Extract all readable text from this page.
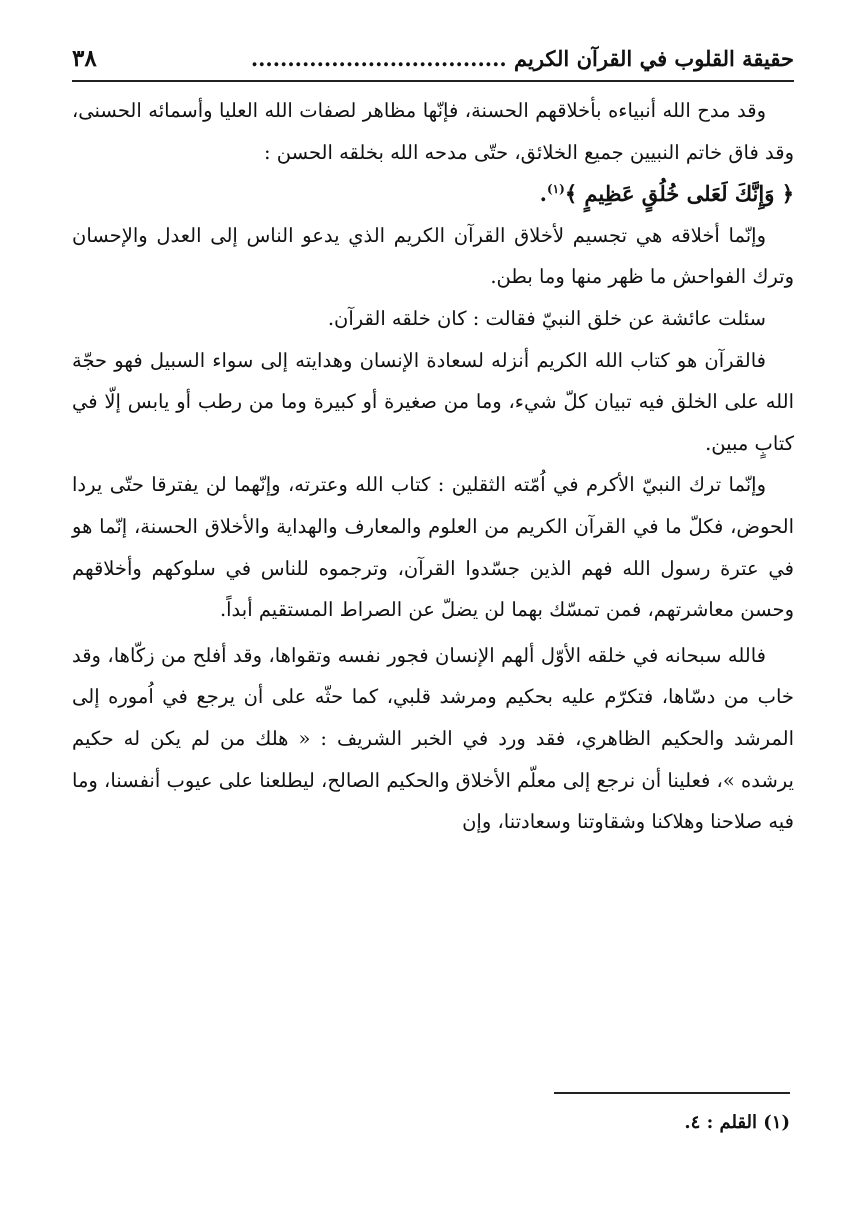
حقيقة القلوب في القرآن الكريم ...................................
٣٨

وقد مدح الله أنبياءه بأخلاقهم الحسنة، فإنّها مظاهر لصفات الله العليا وأسمائه الحسنى، وقد فاق خاتم النبيين جميع الخلائق، حتّى مدحه الله بخلقه الحسن :

﴿ وَإِنَّكَ لَعَلى خُلُقٍ عَظِيمٍ ﴾$^{(١)}$.

وإنّما أخلاقه هي تجسيم لأخلاق القرآن الكريم الذي يدعو الناس إلى العدل والإحسان وترك الفواحش ما ظهر منها وما بطن.

سئلت عائشة عن خلق النبيّ فقالت : كان خلقه القرآن.

فالقرآن هو كتاب الله الكريم أنزله لسعادة الإنسان وهدايته إلى سواء السبيل فهو حجّة الله على الخلق فيه تبيان كلّ شيء، وما من صغيرة أو كبيرة وما من رطب أو يابس إلّا في كتابٍ مبين.

وإنّما ترك النبيّ الأكرم في اُمّته الثقلين : كتاب الله وعترته، وإنّهما لن يفترقا حتّى يردا الحوض، فكلّ ما في القرآن الكريم من العلوم والمعارف والهداية والأخلاق الحسنة، إنّما هو في عترة رسول الله فهم الذين جسّدوا القرآن، وترجموه للناس في سلوكهم وأخلاقهم وحسن معاشرتهم، فمن تمسّك بهما لن يضلّ عن الصراط المستقيم أبداً.

فالله سبحانه في خلقه الأوّل ألهم الإنسان فجور نفسه وتقواها، وقد أفلح من زكّاها، وقد خاب من دسّاها، فتكرّم عليه بحكيم ومرشد قلبي، كما حثّه على أن يرجع في اُموره إلى المرشد والحكيم الظاهري، فقد ورد في الخبر الشريف : « هلك من لم يكن له حكيم يرشده »، فعلينا أن نرجع إلى معلّم الأخلاق والحكيم الصالح، ليطلعنا على عيوب أنفسنا، وما فيه صلاحنا وهلاكنا وشقاوتنا وسعادتنا، وإن

(١) القلم : ٤.
